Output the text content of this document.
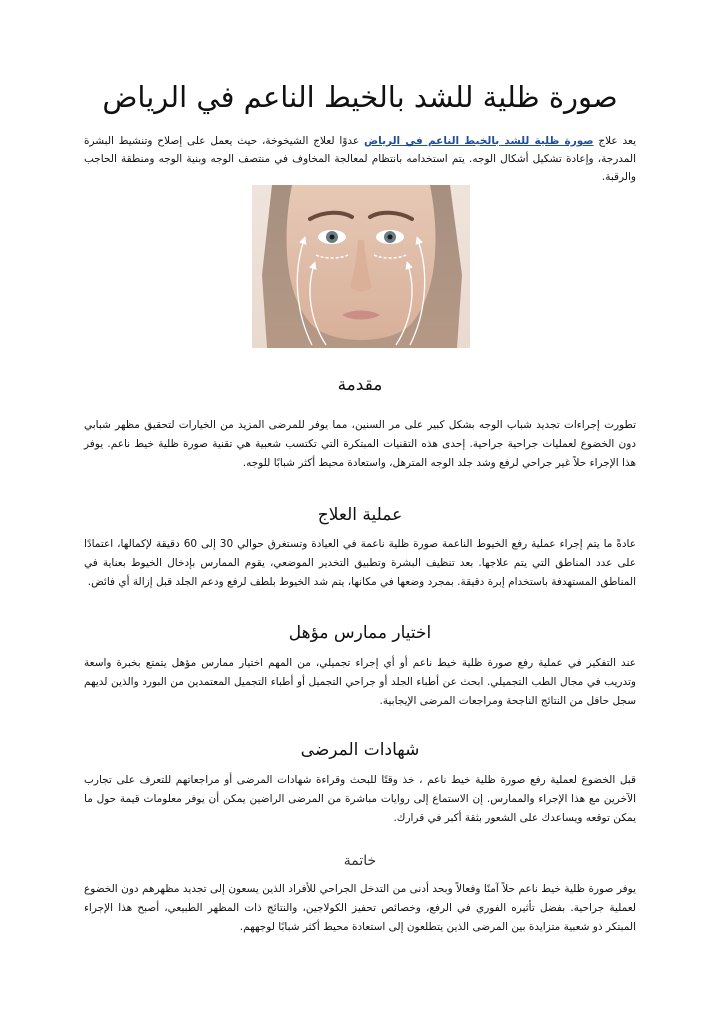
صورة ظلية للشد بالخيط الناعم في الرياض

يعد علاج صورة ظلية للشد بالخيط الناعم في الرياض عدوًا لعلاج الشيخوخة، حيث يعمل على إصلاح وتنشيط البشرة المدرجة، وإعادة تشكيل أشكال الوجه. يتم استخدامه بانتظام لمعالجة المخاوف في منتصف الوجه وبنية الوجه ومنطقة الحاجب والرقبة.

مقدمة

تطورت إجراءات تجديد شباب الوجه بشكل كبير على مر السنين، مما يوفر للمرضى المزيد من الخيارات لتحقيق مظهر شبابي دون الخضوع لعمليات جراحية جراحية. إحدى هذه التقنيات المبتكرة التي تكتسب شعبية هي تقنية صورة ظلية خيط ناعم. يوفر هذا الإجراء حلاً غير جراحي لرفع وشد جلد الوجه المترهل، واستعادة محيط أكثر شبابًا للوجه.

عملية العلاج

عادةً ما يتم إجراء عملية رفع الخيوط الناعمة صورة ظلية ناعمة في العيادة وتستغرق حوالي 30 إلى 60 دقيقة لإكمالها، اعتمادًا على عدد المناطق التي يتم علاجها. بعد تنظيف البشرة وتطبيق التخدير الموضعي، يقوم الممارس بإدخال الخيوط بعناية في المناطق المستهدفة باستخدام إبرة دقيقة. بمجرد وضعها في مكانها، يتم شد الخيوط بلطف لرفع ودعم الجلد قبل إزالة أي فائض.

اختيار ممارس مؤهل

عند التفكير في عملية رفع صورة ظلية خيط ناعم أو أي إجراء تجميلي، من المهم اختيار ممارس مؤهل يتمتع بخبرة واسعة وتدريب في مجال الطب التجميلي. ابحث عن أطباء الجلد أو جراحي التجميل أو أطباء التجميل المعتمدين من البورد والذين لديهم سجل حافل من النتائج الناجحة ومراجعات المرضى الإيجابية.

شهادات المرضى

قبل الخضوع لعملية رفع صورة ظلية خيط ناعم ، خذ وقتًا للبحث وقراءة شهادات المرضى أو مراجعاتهم للتعرف على تجارب الآخرين مع هذا الإجراء والممارس. إن الاستماع إلى روايات مباشرة من المرضى الراضين يمكن أن يوفر معلومات قيمة حول ما يمكن توقعه ويساعدك على الشعور بثقة أكبر في قرارك.

خاتمة

يوفر صورة ظلية خيط ناعم حلاً آمنًا وفعالاً وبحد أدنى من التدخل الجراحي للأفراد الذين يسعون إلى تجديد مظهرهم دون الخضوع لعملية جراحية. بفضل تأثيره الفوري في الرفع، وخصائص تحفيز الكولاجين، والنتائج ذات المظهر الطبيعي، أصبح هذا الإجراء المبتكر ذو شعبية متزايدة بين المرضى الذين يتطلعون إلى استعادة محيط أكثر شبابًا لوجههم.
